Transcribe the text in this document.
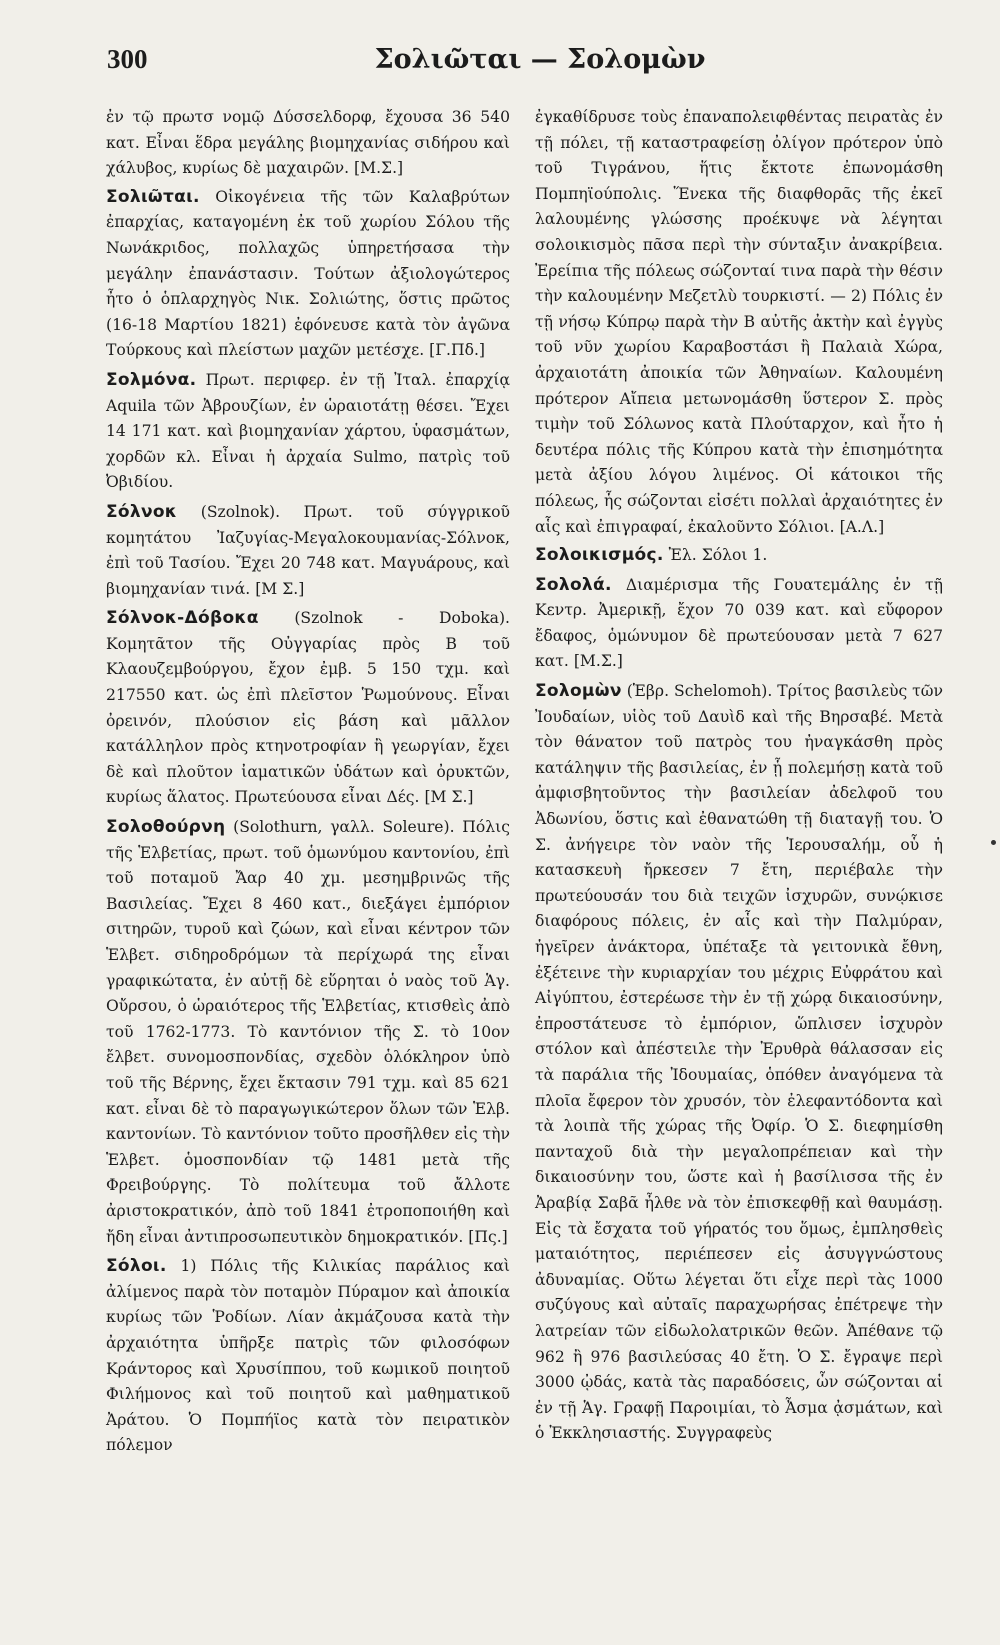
300	Σολιῶται — Σολομὼν

ἐν τῷ πρωτσ νομῷ Δύσσελδορφ, ἔχουσα 36 540 κατ. Εἶναι ἕδρα μεγάλης βιομηχανίας σιδήρου καὶ χάλυβος, κυρίως δὲ μαχαιρῶν. [Μ.Σ.]

Σολιῶται. Οἰκογένεια τῆς τῶν Καλαβρύτων ἐπαρχίας, καταγομένη ἐκ τοῦ χωρίου Σόλου τῆς Νωνάκριδος, πολλαχῶς ὑπηρετήσασα τὴν μεγάλην ἐπανάστασιν. Τούτων ἀξιολογώτερος ἦτο ὁ ὁπλαρχηγὸς Νικ. Σολιώτης, ὅστις πρῶτος (16-18 Μαρτίου 1821) ἐφόνευσε κατὰ τὸν ἀγῶνα Τούρκους καὶ πλείστων μαχῶν μετέσχε. [Γ.Πδ.]

Σολμόνα. Πρωτ. περιφερ. ἐν τῇ Ἰταλ. ἐπαρχίᾳ Aquila τῶν Ἀβρουζίων, ἐν ὡραιοτάτῃ θέσει. Ἔχει 14 171 κατ. καὶ βιομηχανίαν χάρτου, ὑφασμάτων, χορδῶν κλ. Εἶναι ἡ ἀρχαία Sulmo, πατρὶς τοῦ Ὀβιδίου.

Σόλνοκ (Szolnok). Πρωτ. τοῦ σύγγρικοῦ κομητάτου Ἰαζυγίας-Μεγαλοκουμανίας-Σόλνοκ, ἐπὶ τοῦ Τασίου. Ἔχει 20 748 κατ. Μαγυάρους, καὶ βιομηχανίαν τινά. [Μ Σ.]

Σόλνοκ-Δόβοκα (Szolnok - Doboka). Κομητᾶτον τῆς Οὐγγαρίας πρὸς Β τοῦ Κλαουζεμβούργου, ἔχον ἐμβ. 5 150 τχμ. καὶ 217550 κατ. ὡς ἐπὶ πλεῖστον Ῥωμούνους. Εἶναι ὀρεινόν, πλούσιον εἰς βάση καὶ μᾶλλον κατάλληλον πρὸς κτηνοτροφίαν ἢ γεωργίαν, ἔχει δὲ καὶ πλοῦτον ἰαματικῶν ὑδάτων καὶ ὀρυκτῶν, κυρίως ἅλατος. Πρωτεύουσα εἶναι Δές. [Μ Σ.]

Σολοθούρνη (Solothurn, γαλλ. Soleure). Πόλις τῆς Ἑλβετίας, πρωτ. τοῦ ὁμωνύμου καντονίου, ἐπὶ τοῦ ποταμοῦ Ἄαρ 40 χμ. μεσημβρινῶς τῆς Βασιλείας. Ἔχει 8 460 κατ., διεξάγει ἐμπόριον σιτηρῶν, τυροῦ καὶ ζώων, καὶ εἶναι κέντρον τῶν Ἑλβετ. σιδηροδρόμων τὰ περίχωρά της εἶναι γραφικώτατα, ἐν αὐτῇ δὲ εὕρηται ὁ ναὸς τοῦ Ἁγ. Οὔρσου, ὁ ὡραιότερος τῆς Ἑλβετίας, κτισθεὶς ἀπὸ τοῦ 1762-1773. Τὸ καντόνιον τῆς Σ. τὸ 10ον ἔλβετ. συνομοσπονδίας, σχεδὸν ὁλόκληρον ὑπὸ τοῦ τῆς Βέρνης, ἔχει ἔκτασιν 791 τχμ. καὶ 85 621 κατ. εἶναι δὲ τὸ παραγωγικώτερον ὅλων τῶν Ἑλβ. καντονίων. Τὸ καντόνιον τοῦτο προσῆλθεν εἰς τὴν Ἑλβετ. ὁμοσπονδίαν τῷ 1481 μετὰ τῆς Φρειβούργης. Τὸ πολίτευμα τοῦ ἄλλοτε ἀριστοκρατικόν, ἀπὸ τοῦ 1841 ἐτροποποιήθη καὶ ἤδη εἶναι ἀντιπροσωπευτικὸν δημοκρατικόν. [Πς.]

Σόλοι. 1) Πόλις τῆς Κιλικίας παράλιος καὶ ἀλίμενος παρὰ τὸν ποταμὸν Πύραμον καὶ ἀποικία κυρίως τῶν Ῥοδίων. Λίαν ἀκμάζουσα κατὰ τὴν ἀρχαιότητα ὑπῆρξε πατρὶς τῶν φιλοσόφων Κράντορος καὶ Χρυσίππου, τοῦ κωμικοῦ ποιητοῦ Φιλήμονος καὶ τοῦ ποιητοῦ καὶ μαθηματικοῦ Ἀράτου. Ὁ Πομπήϊος κατὰ τὸν πειρατικὸν πόλεμον

ἐγκαθίδρυσε τοὺς ἐπαναπολειφθέντας πειρατὰς ἐν τῇ πόλει, τῇ καταστραφείσῃ ὀλίγον πρότερον ὑπὸ τοῦ Τιγράνου, ἥτις ἔκτοτε ἐπωνομάσθη Πομπηϊούπολις. Ἕνεκα τῆς διαφθορᾶς τῆς ἐκεῖ λαλουμένης γλώσσης προέκυψε νὰ λέγηται σολοικισμὸς πᾶσα περὶ τὴν σύνταξιν ἀνακρίβεια. Ἐρείπια τῆς πόλεως σώζονταί τινα παρὰ τὴν θέσιν τὴν καλουμένην Μεζετλὺ τουρκιστί. — 2) Πόλις ἐν τῇ νήσῳ Κύπρῳ παρὰ τὴν Β αὐτῆς ἀκτὴν καὶ ἐγγὺς τοῦ νῦν χωρίου Καραβοστάσι ἢ Παλαιὰ Χώρα, ἀρχαιοτάτη ἀποικία τῶν Ἀθηναίων. Καλουμένη πρότερον Αἴπεια μετωνομάσθη ὕστερον Σ. πρὸς τιμὴν τοῦ Σόλωνος κατὰ Πλούταρχον, καὶ ἦτο ἡ δευτέρα πόλις τῆς Κύπρου κατὰ τὴν ἐπισημότητα μετὰ ἀξίου λόγου λιμένος. Οἱ κάτοικοι τῆς πόλεως, ἧς σώζονται εἰσέτι πολλαὶ ἀρχαιότητες ἐν αἷς καὶ ἐπιγραφαί, ἐκαλοῦντο Σόλιοι. [Α.Λ.]

Σολοικισμός. Ἐλ. Σόλοι 1.

Σολολά. Διαμέρισμα τῆς Γουατεμάλης ἐν τῇ Κεντρ. Ἀμερικῇ, ἔχον 70 039 κατ. καὶ εὔφορον ἔδαφος, ὁμώνυμον δὲ πρωτεύουσαν μετὰ 7 627 κατ. [Μ.Σ.]

Σολομὼν (Ἑβρ. Schelomoh). Τρίτος βασιλεὺς τῶν Ἰουδαίων, υἱὸς τοῦ Δαυὶδ καὶ τῆς Βηρσαβέ. Μετὰ τὸν θάνατον τοῦ πατρὸς του ἠναγκάσθη πρὸς κατάληψιν τῆς βασιλείας, ἐν ᾗ πολεμήσῃ κατὰ τοῦ ἀμφισβητοῦντος τὴν βασιλείαν ἀδελφοῦ του Ἀδωνίου, ὅστις καὶ ἐθανατώθη τῇ διαταγῇ του. Ὁ Σ. ἀνήγειρε τὸν ναὸν τῆς Ἱερουσαλήμ, οὗ ἡ κατασκευὴ ἤρκεσεν 7 ἔτη, περιέβαλε τὴν πρωτεύουσάν του διὰ τειχῶν ἰσχυρῶν, συνῴκισε διαφόρους πόλεις, ἐν αἷς καὶ τὴν Παλμύραν, ἡγεῖρεν ἀνάκτορα, ὑπέταξε τὰ γειτονικὰ ἔθνη, ἐξέτεινε τὴν κυριαρχίαν του μέχρις Εὐφράτου καὶ Αἰγύπτου, ἐστερέωσε τὴν ἐν τῇ χώρᾳ δικαιοσύνην, ἐπροστάτευσε τὸ ἐμπόριον, ὥπλισεν ἰσχυρὸν στόλον καὶ ἀπέστειλε τὴν Ἐρυθρὰ θάλασσαν εἰς τὰ παράλια τῆς Ἰδουμαίας, ὁπόθεν ἀναγόμενα τὰ πλοῖα ἔφερον τὸν χρυσόν, τὸν ἐλεφαντόδοντα καὶ τὰ λοιπὰ τῆς χώρας τῆς Ὀφίρ. Ὁ Σ. διεφημίσθη πανταχοῦ διὰ τὴν μεγαλοπρέπειαν καὶ τὴν δικαιοσύνην του, ὥστε καὶ ἡ βασίλισσα τῆς ἐν Ἀραβίᾳ Σαβᾶ ἦλθε νὰ τὸν ἐπισκεφθῇ καὶ θαυμάσῃ. Εἰς τὰ ἔσχατα τοῦ γήρατός του ὅμως, ἐμπλησθεὶς ματαιότητος, περιέπεσεν εἰς ἀσυγγνώστους ἀδυναμίας. Οὕτω λέγεται ὅτι εἶχε περὶ τὰς 1000 συζύγους καὶ αὐταῖς παραχωρήσας ἐπέτρεψε τὴν λατρείαν τῶν εἰδωλολατρικῶν θεῶν. Ἀπέθανε τῷ 962 ἢ 976 βασιλεύσας 40 ἔτη. Ὁ Σ. ἔγραψε περὶ 3000 ᾠδάς, κατὰ τὰς παραδόσεις, ὧν σώζονται αἱ ἐν τῇ Ἁγ. Γραφῇ Παροιμίαι, τὸ Ἆσμα ᾀσμάτων, καὶ ὁ Ἐκκλησιαστής. Συγγραφεὺς
